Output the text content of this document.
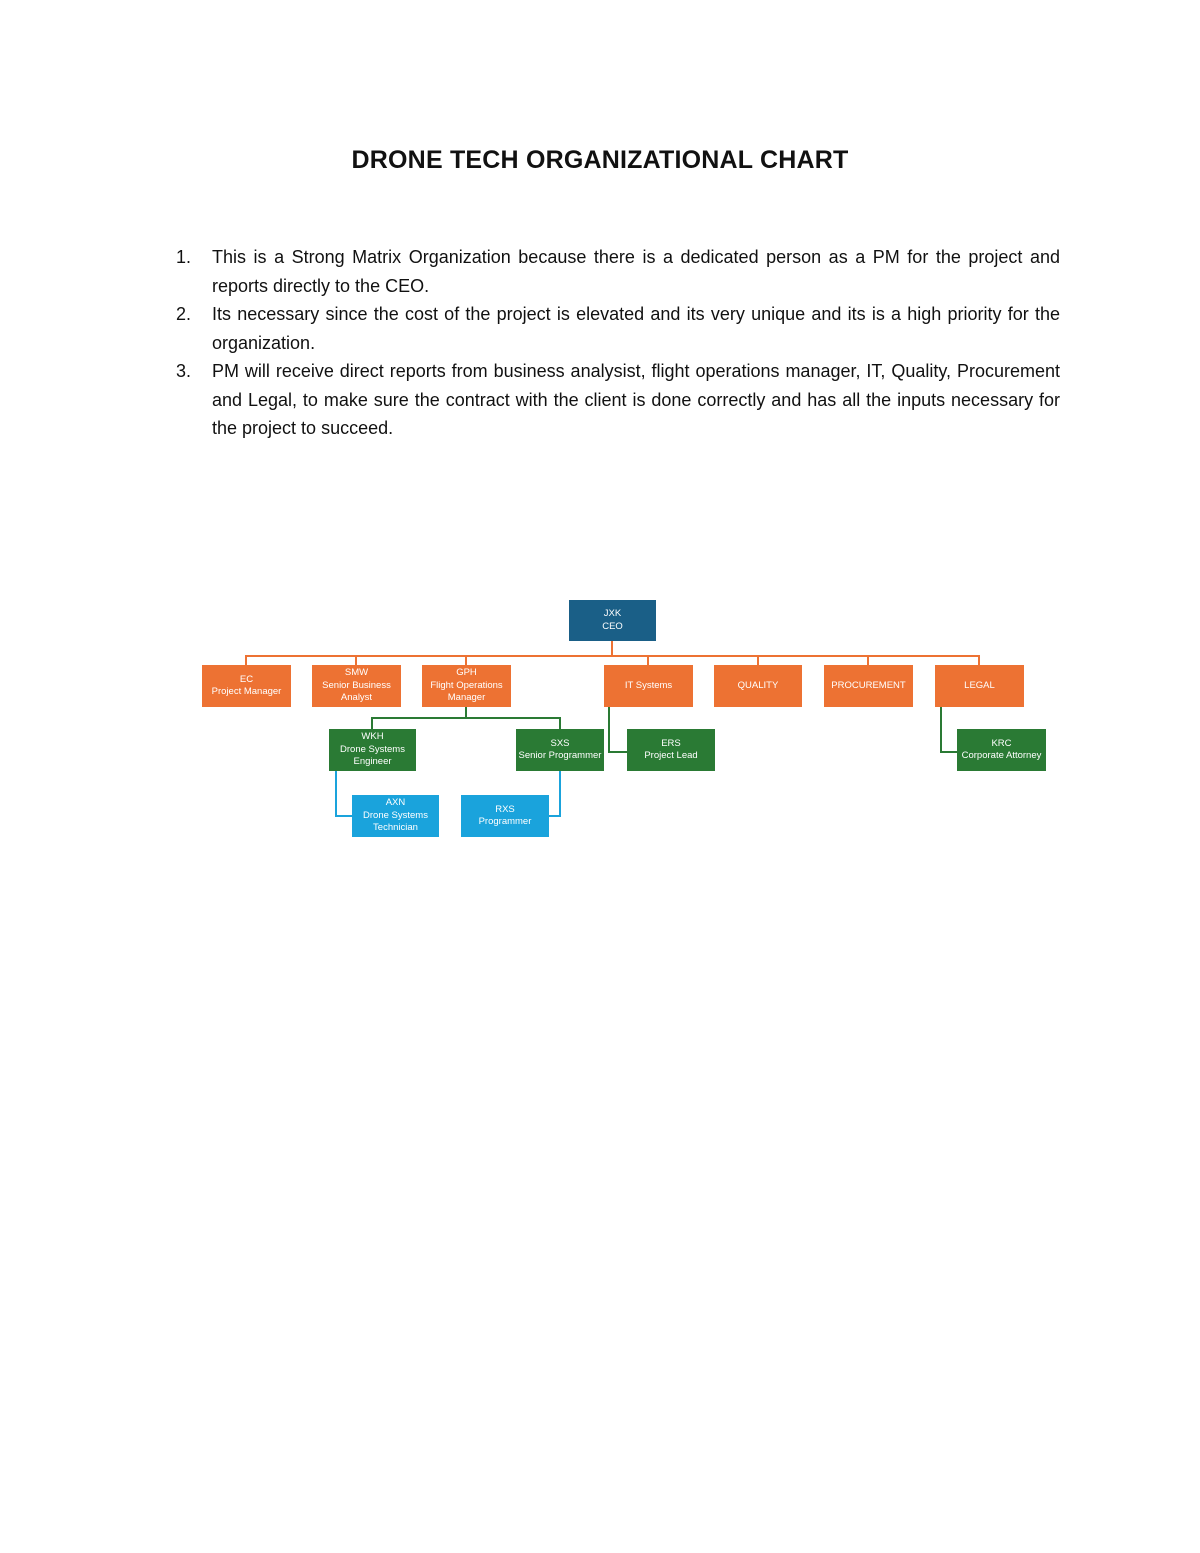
DRONE TECH ORGANIZATIONAL CHART
1. This is a Strong Matrix Organization because there is a dedicated person as a PM for the project and reports directly to the CEO.
2. Its necessary since the cost of the project is elevated and its very unique and its is a high priority for the organization.
3. PM will receive direct reports from business analysist, flight operations manager, IT, Quality, Procurement and Legal, to make sure the contract with the client is done correctly and has all the inputs necessary for the project to succeed.
JXK
CEO
EC
Project Manager
SMW
Senior Business Analyst
GPH
Flight Operations Manager
IT Systems	QUALITY	PROCUREMENT	LEGAL
WKH
Drone Systems Engineer
SXS
Senior Programmer
ERS
Project Lead
KRC
Corporate Attorney
AXN
Drone Systems Technician
RXS
Programmer
